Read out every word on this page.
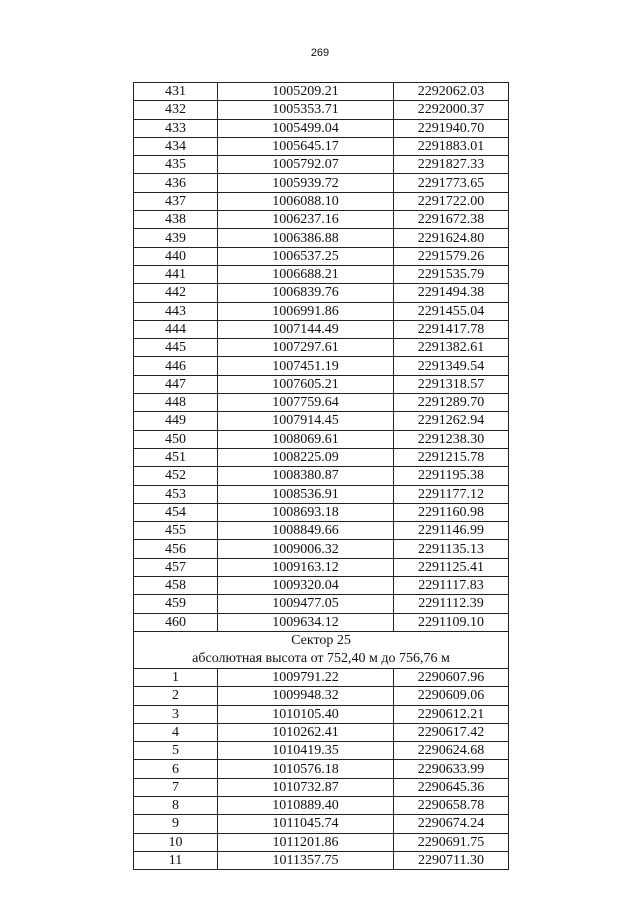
269
431	1005209.21	2292062.03
432	1005353.71	2292000.37
433	1005499.04	2291940.70
434	1005645.17	2291883.01
435	1005792.07	2291827.33
436	1005939.72	2291773.65
437	1006088.10	2291722.00
438	1006237.16	2291672.38
439	1006386.88	2291624.80
440	1006537.25	2291579.26
441	1006688.21	2291535.79
442	1006839.76	2291494.38
443	1006991.86	2291455.04
444	1007144.49	2291417.78
445	1007297.61	2291382.61
446	1007451.19	2291349.54
447	1007605.21	2291318.57
448	1007759.64	2291289.70
449	1007914.45	2291262.94
450	1008069.61	2291238.30
451	1008225.09	2291215.78
452	1008380.87	2291195.38
453	1008536.91	2291177.12
454	1008693.18	2291160.98
455	1008849.66	2291146.99
456	1009006.32	2291135.13
457	1009163.12	2291125.41
458	1009320.04	2291117.83
459	1009477.05	2291112.39
460	1009634.12	2291109.10
Сектор 25		
абсолютная высота от 752,40 м до 756,76 м		
1	1009791.22	2290607.96
2	1009948.32	2290609.06
3	1010105.40	2290612.21
4	1010262.41	2290617.42
5	1010419.35	2290624.68
6	1010576.18	2290633.99
7	1010732.87	2290645.36
8	1010889.40	2290658.78
9	1011045.74	2290674.24
10	1011201.86	2290691.75
11	1011357.75	2290711.30
